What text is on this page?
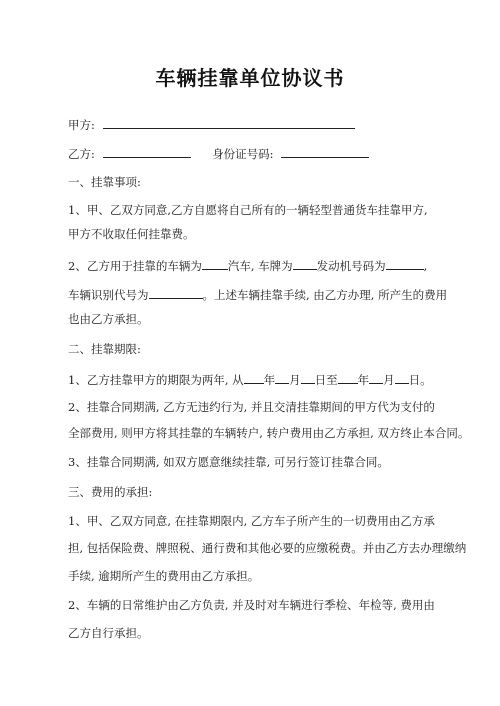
车辆挂靠单位协议书
甲方:
乙方:	身份证号码:
一、挂靠事项:
1、甲、乙双方同意,乙方自愿将自己所有的一辆轻型普通货车挂靠甲方,
甲方不收取任何挂靠费。
2、乙方用于挂靠的车辆为 汽车, 车牌为 发动机号码为	,
车辆识别代号为	。上述车辆挂靠手续, 由乙方办理, 所产生的费用
也由乙方承担。
二、挂靠期限:
1、乙方挂靠甲方的期限为两年, 从 年 月 日至 年 月 日。
2、挂靠合同期满, 乙方无违约行为, 并且交清挂靠期间的甲方代为支付的
全部费用, 则甲方将其挂靠的车辆转户, 转户费用由乙方承担, 双方终止本合同。
3、挂靠合同期满, 如双方愿意继续挂靠, 可另行签订挂靠合同。
三、费用的承担:
1、甲、乙双方同意, 在挂靠期限内, 乙方车子所产生的一切费用由乙方承
担, 包括保险费、牌照税、通行费和其他必要的应缴税费。并由乙方去办理缴纳
手续, 逾期所产生的费用由乙方承担。
2、车辆的日常维护由乙方负责, 并及时对车辆进行季检、年检等, 费用由
乙方自行承担。
